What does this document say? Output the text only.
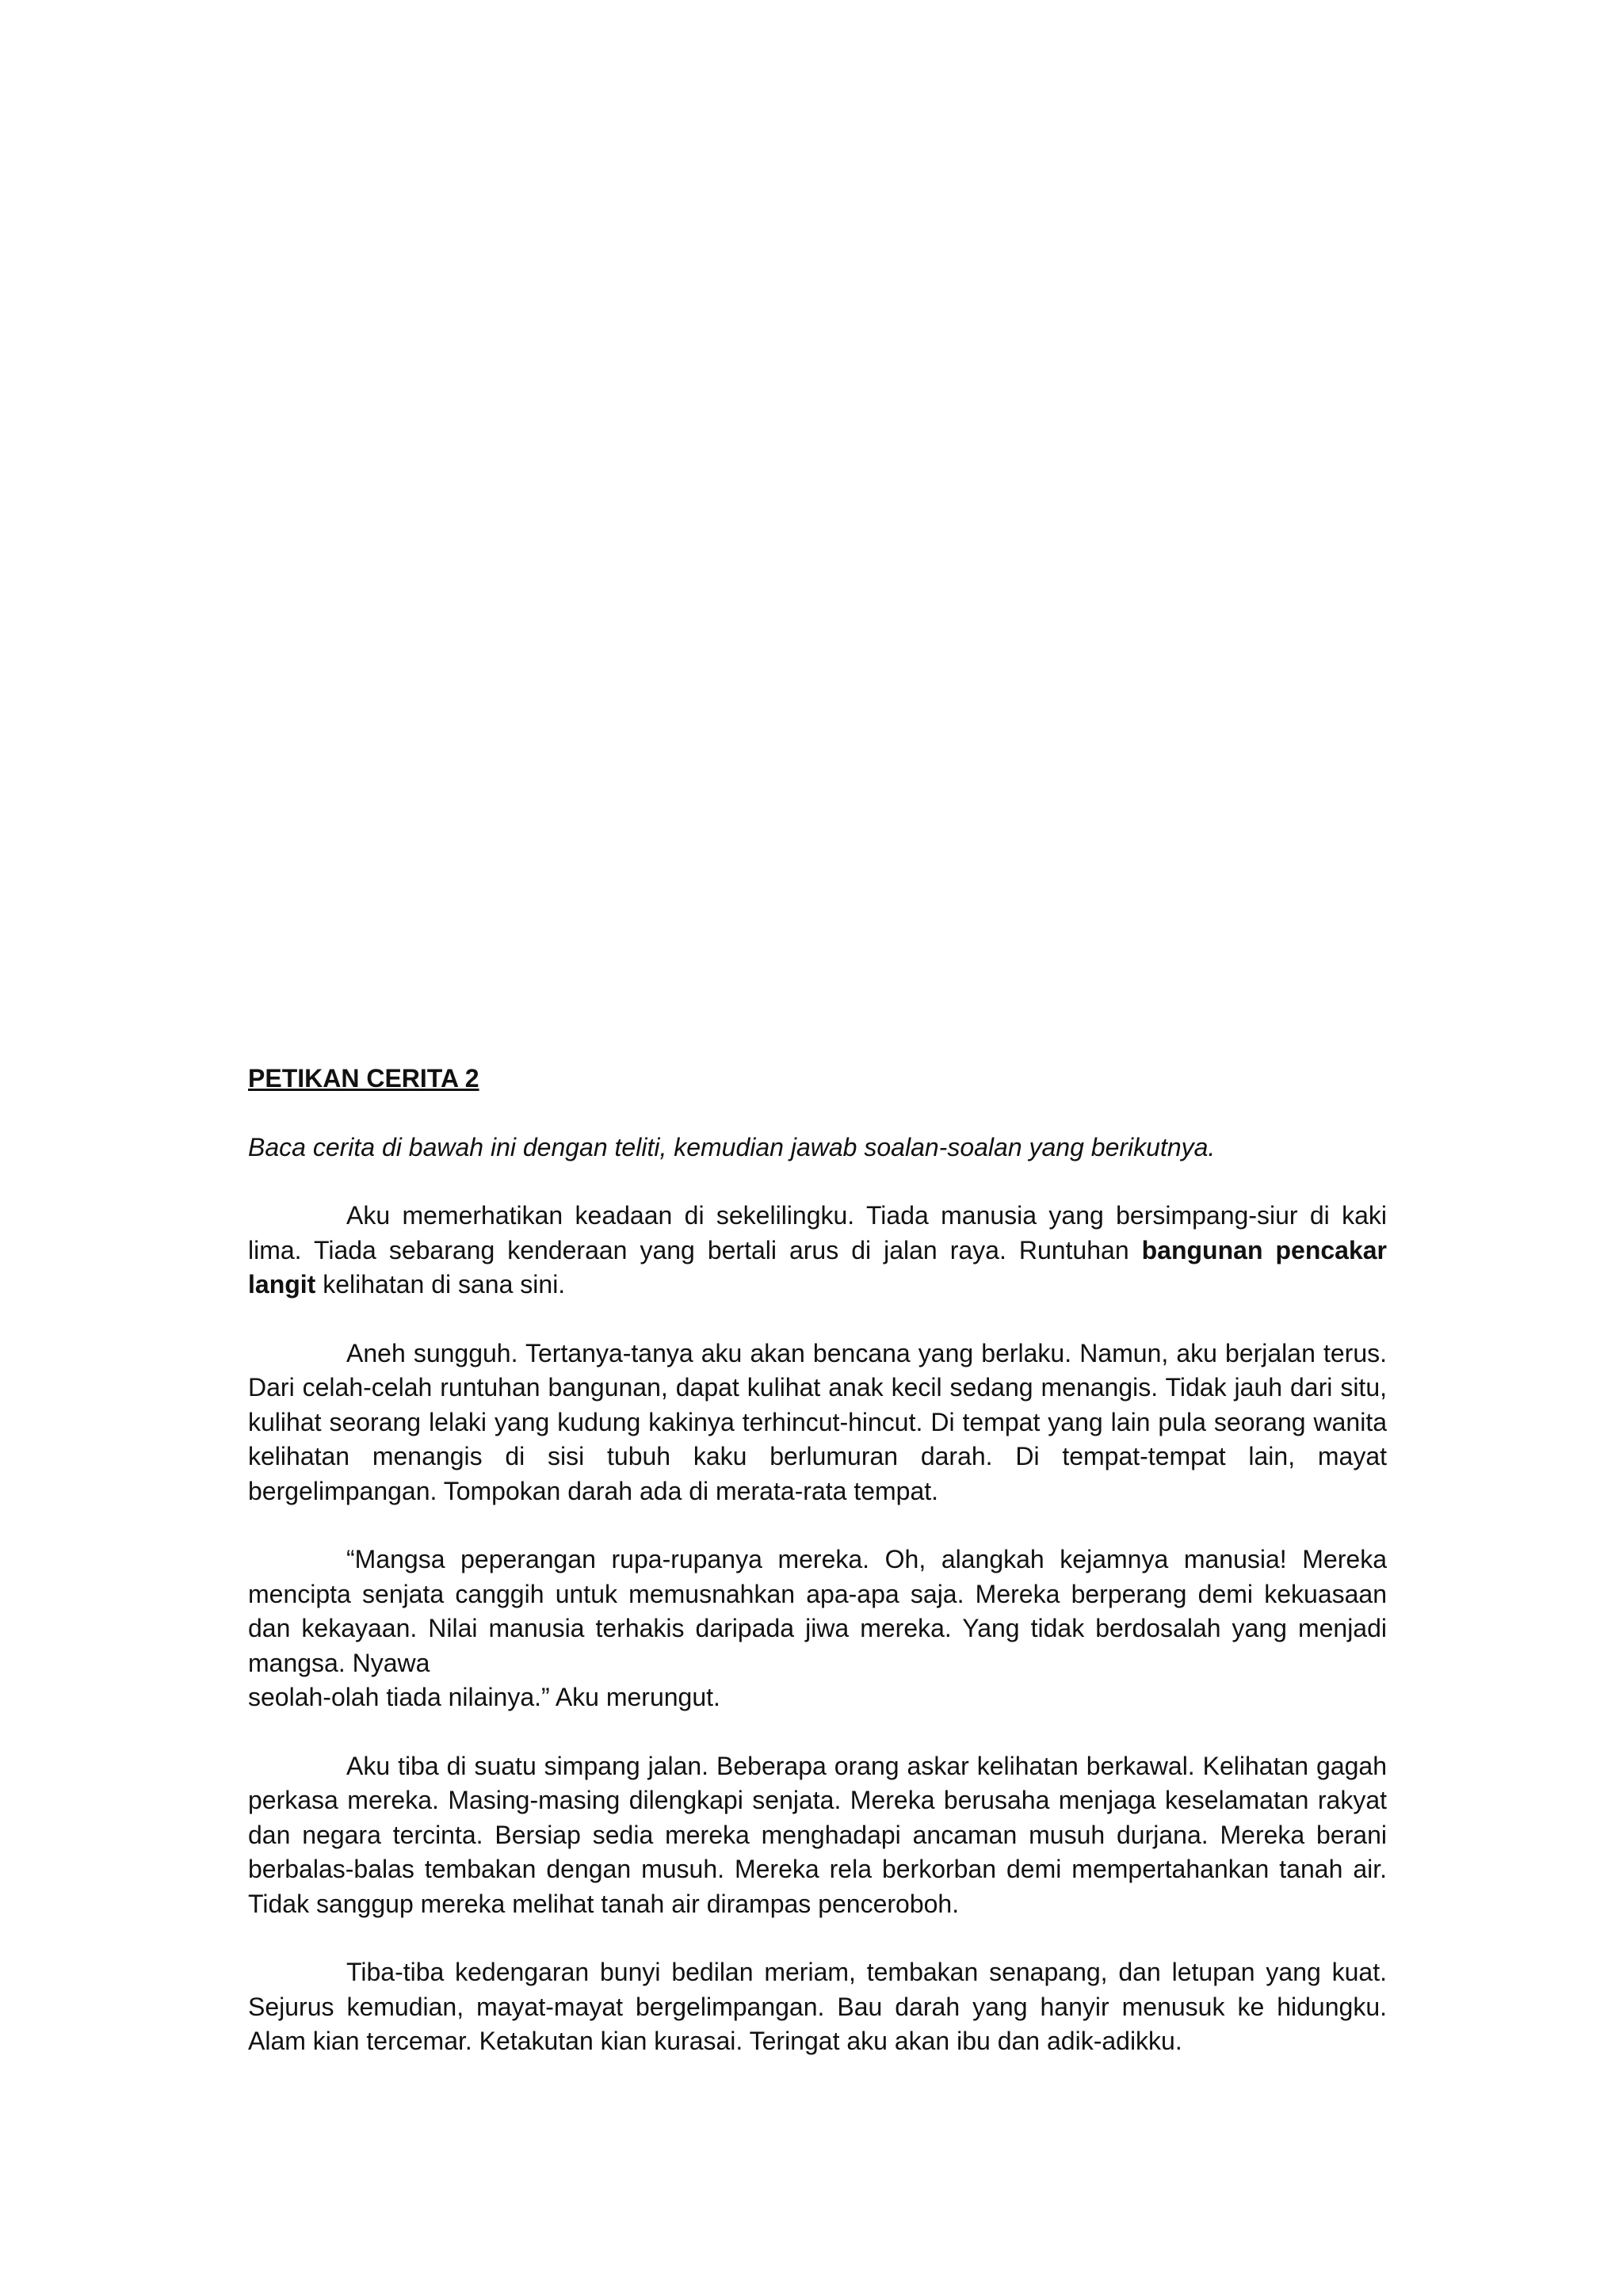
PETIKAN CERITA 2

Baca cerita di bawah ini dengan teliti, kemudian jawab soalan-soalan yang berikutnya.

Aku memerhatikan keadaan di sekelilingku. Tiada manusia yang bersimpang-siur di kaki lima. Tiada sebarang kenderaan yang bertali arus di jalan raya. Runtuhan bangunan pencakar langit kelihatan di sana sini.

Aneh sungguh. Tertanya-tanya aku akan bencana yang berlaku. Namun, aku berjalan terus. Dari celah-celah runtuhan bangunan, dapat kulihat anak kecil sedang menangis. Tidak jauh dari situ, kulihat seorang lelaki yang kudung kakinya terhincut-hincut. Di tempat yang lain pula seorang wanita kelihatan menangis di sisi tubuh kaku berlumuran darah. Di tempat-tempat lain, mayat bergelimpangan. Tompokan darah ada di merata-rata tempat.

“Mangsa peperangan rupa-rupanya mereka. Oh, alangkah kejamnya manusia! Mereka mencipta senjata canggih untuk memusnahkan apa-apa saja. Mereka berperang demi kekuasaan dan kekayaan. Nilai manusia terhakis daripada jiwa mereka. Yang tidak berdosalah yang menjadi mangsa. Nyawa

seolah-olah tiada nilainya.” Aku merungut.

Aku tiba di suatu simpang jalan. Beberapa orang askar kelihatan berkawal. Kelihatan gagah perkasa mereka. Masing-masing dilengkapi senjata. Mereka berusaha menjaga keselamatan rakyat dan negara tercinta. Bersiap sedia mereka menghadapi ancaman musuh durjana. Mereka berani berbalas-balas tembakan dengan musuh. Mereka rela berkorban demi mempertahankan tanah air. Tidak sanggup mereka melihat tanah air dirampas penceroboh.

Tiba-tiba kedengaran bunyi bedilan meriam, tembakan senapang, dan letupan yang kuat. Sejurus kemudian, mayat-mayat bergelimpangan. Bau darah yang hanyir menusuk ke hidungku. Alam kian tercemar. Ketakutan kian kurasai. Teringat aku akan ibu dan adik-adikku.
